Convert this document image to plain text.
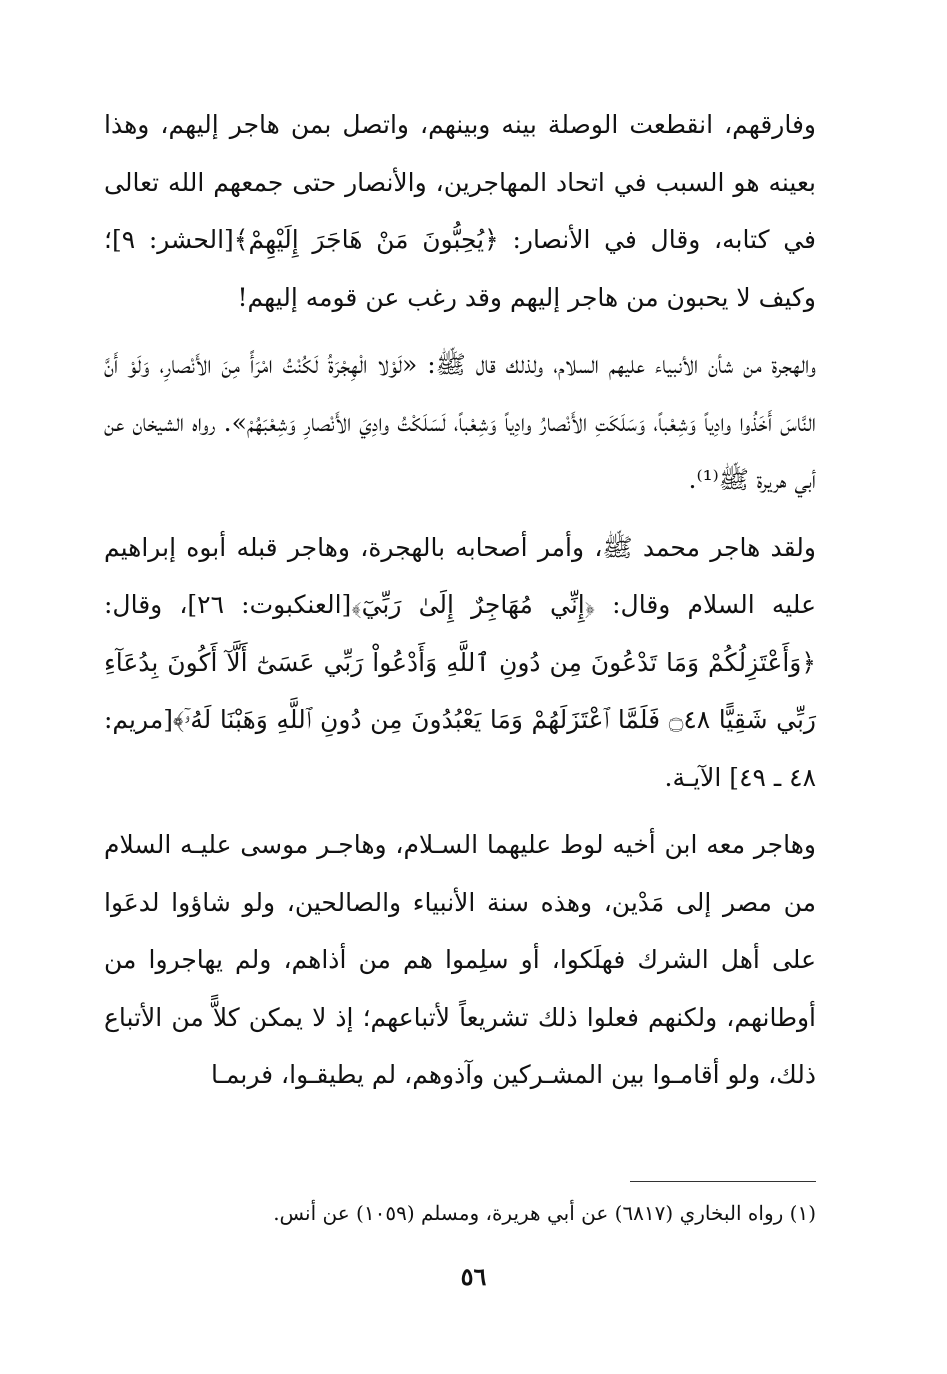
وفارقهم، انقطعت الوصلة بينه وبينهم، واتصل بمن هاجر إليهم، وهذا بعينه هو السبب في اتحاد المهاجرين، والأنصار حتى جمعهم الله تعالى في كتابه، وقال في الأنصار: ﴿يُحِبُّونَ مَنْ هَاجَرَ إِلَيْهِمْ﴾[الحشر: ٩]؛ وكيف لا يحبون من هاجر إليهم وقد رغب عن قومه إليهم!

والهجرة من شأن الأنبياء عليهم السلام، ولذلك قال ﷺ: «لَوْلا الْهِجْرَةُ لَكُنْتُ امْرَأً مِنَ الأَنْصارِ، وَلَوْ أَنَّ النَّاسَ أَخَذُوا وادِياً وَشِعْباً، وَسَلَكَتِ الأَنْصارُ وادِياً وَشِعْباً، لَسَلَكْتُ وادِيَ الأَنْصارِ وَشِعْبَهُمْ». رواه الشيخان عن أبي هريرة ﷺ⁽¹⁾.

ولقد هاجر محمد ﷺ، وأمر أصحابه بالهجرة، وهاجر قبله أبوه إبراهيم عليه السلام وقال: ﴿إِنِّي مُهَاجِرٌ إِلَىٰ رَبِّيٓ﴾[العنكبوت: ٢٦]، وقال: ﴿وَأَعْتَزِلُكُمْ وَمَا تَدْعُونَ مِن دُونِ ٱللَّهِ وَأَدْعُواْ رَبِّي عَسَىٰٓ أَلَّآ أَكُونَ بِدُعَآءِ رَبِّي شَقِيًّا ۝٤٨ فَلَمَّا ٱعْتَزَلَهُمْ وَمَا يَعْبُدُونَ مِن دُونِ ٱللَّهِ وَهَبْنَا لَهُۥٓ﴾[مريم: ٤٨ ـ ٤٩] الآيـة.

وهاجر معه ابن أخيه لوط عليهما السـلام، وهاجـر موسى عليـه السلام من مصر إلى مَدْين، وهذه سنة الأنبياء والصالحين، ولو شاؤوا لدعَوا على أهل الشرك فهلَكوا، أو سلِموا هم من أذاهم، ولم يهاجروا من أوطانهم، ولكنهم فعلوا ذلك تشريعاً لأتباعهم؛ إذ لا يمكن كلاًّ من الأتباع ذلك، ولو أقامـوا بين المشـركين وآذوهم، لم يطيقـوا، فربمـا

(١) رواه البخاري (٦٨١٧) عن أبي هريرة، ومسلم (١٠٥٩) عن أنس.

٥٦
